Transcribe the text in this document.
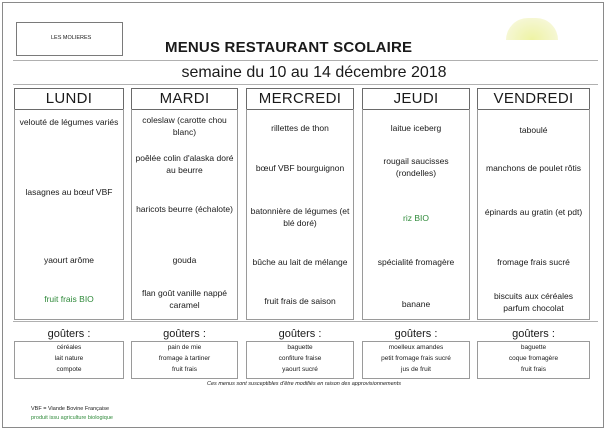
LES MOLIERES
MENUS RESTAURANT SCOLAIRE
semaine du 10 au 14 décembre 2018
LUNDI
velouté de légumes variés
lasagnes au bœuf VBF
yaourt arôme
fruit frais BIO
goûters :
céréales
lait nature
compote
MARDI
coleslaw (carotte chou blanc)
poêlée colin d'alaska doré au beurre
haricots beurre (échalote)
gouda
flan goût vanille nappé caramel
goûters :
pain de mie
fromage à tartiner
fruit frais
MERCREDI
rillettes de thon
bœuf VBF bourguignon
batonnière de légumes (et blé doré)
bûche au lait de mélange
fruit frais de saison
goûters :
baguette
confiture fraise
yaourt sucré
JEUDI
laitue iceberg
rougail saucisses (rondelles)
riz BIO
spécialité fromagère
banane
goûters :
moelleux amandes
petit fromage frais sucré
jus de fruit
VENDREDI
taboulé
manchons de poulet rôtis
épinards au gratin (et pdt)
fromage frais sucré
biscuits aux céréales parfum chocolat
goûters :
baguette
coque fromagère
fruit frais
Ces menus sont susceptibles d'être modifiés en raison des approvisionnements
VBF = Viande Bovine Française
produit issu agriculture biologique
